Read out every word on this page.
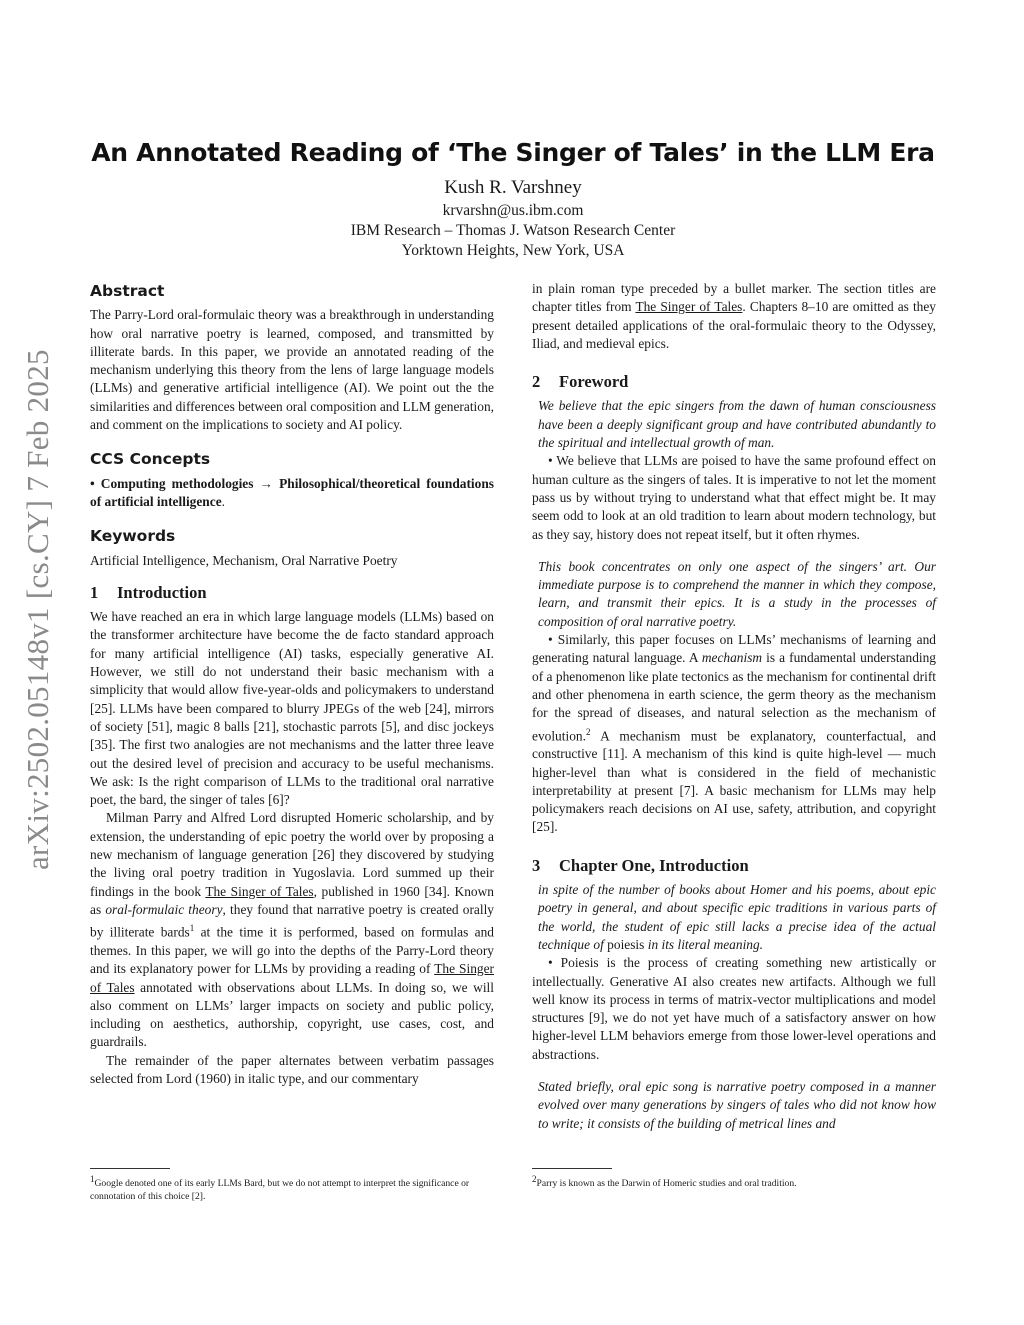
arXiv:2502.05148v1 [cs.CY] 7 Feb 2025
An Annotated Reading of ‘The Singer of Tales’ in the LLM Era
Kush R. Varshney
krvarshn@us.ibm.com
IBM Research – Thomas J. Watson Research Center
Yorktown Heights, New York, USA
Abstract

The Parry-Lord oral-formulaic theory was a breakthrough in understanding how oral narrative poetry is learned, composed, and transmitted by illiterate bards. In this paper, we provide an annotated reading of the mechanism underlying this theory from the lens of large language models (LLMs) and generative artificial intelligence (AI). We point out the the similarities and differences between oral composition and LLM generation, and comment on the implications to society and AI policy.

CCS Concepts

• Computing methodologies → Philosophical/theoretical foundations of artificial intelligence.

Keywords

Artificial Intelligence, Mechanism, Oral Narrative Poetry

1 Introduction

We have reached an era in which large language models (LLMs) based on the transformer architecture have become the de facto standard approach for many artificial intelligence (AI) tasks, especially generative AI. However, we still do not understand their basic mechanism with a simplicity that would allow five-year-olds and policymakers to understand [25]. LLMs have been compared to blurry JPEGs of the web [24], mirrors of society [51], magic 8 balls [21], stochastic parrots [5], and disc jockeys [35]. The first two analogies are not mechanisms and the latter three leave out the desired level of precision and accuracy to be useful mechanisms. We ask: Is the right comparison of LLMs to the traditional oral narrative poet, the bard, the singer of tales [6]?

Milman Parry and Alfred Lord disrupted Homeric scholarship, and by extension, the understanding of epic poetry the world over by proposing a new mechanism of language generation [26] they discovered by studying the living oral poetry tradition in Yugoslavia. Lord summed up their findings in the book The Singer of Tales, published in 1960 [34]. Known as oral-formulaic theory, they found that narrative poetry is created orally by illiterate bards$^1$ at the time it is performed, based on formulas and themes. In this paper, we will go into the depths of the Parry-Lord theory and its explanatory power for LLMs by providing a reading of The Singer of Tales annotated with observations about LLMs. In doing so, we will also comment on LLMs’ larger impacts on society and public policy, including on aesthetics, authorship, copyright, use cases, cost, and guardrails.

The remainder of the paper alternates between verbatim passages selected from Lord (1960) in italic type, and our commentary

$^1$Google denoted one of its early LLMs Bard, but we do not attempt to interpret the significance or connotation of this choice [2].

in plain roman type preceded by a bullet marker. The section titles are chapter titles from The Singer of Tales. Chapters 8–10 are omitted as they present detailed applications of the oral-formulaic theory to the Odyssey, Iliad, and medieval epics.

2 Foreword

We believe that the epic singers from the dawn of human consciousness have been a deeply significant group and have contributed abundantly to the spiritual and intellectual growth of man.

• We believe that LLMs are poised to have the same profound effect on human culture as the singers of tales. It is imperative to not let the moment pass us by without trying to understand what that effect might be. It may seem odd to look at an old tradition to learn about modern technology, but as they say, history does not repeat itself, but it often rhymes.

This book concentrates on only one aspect of the singers’ art. Our immediate purpose is to comprehend the manner in which they compose, learn, and transmit their epics. It is a study in the processes of composition of oral narrative poetry.

• Similarly, this paper focuses on LLMs’ mechanisms of learning and generating natural language. A mechanism is a fundamental understanding of a phenomenon like plate tectonics as the mechanism for continental drift and other phenomena in earth science, the germ theory as the mechanism for the spread of diseases, and natural selection as the mechanism of evolution.$^2$ A mechanism must be explanatory, counterfactual, and constructive [11]. A mechanism of this kind is quite high-level — much higher-level than what is considered in the field of mechanistic interpretability at present [7]. A basic mechanism for LLMs may help policymakers reach decisions on AI use, safety, attribution, and copyright [25].

3 Chapter One, Introduction

in spite of the number of books about Homer and his poems, about epic poetry in general, and about specific epic traditions in various parts of the world, the student of epic still lacks a precise idea of the actual technique of poiesis in its literal meaning.

• Poiesis is the process of creating something new artistically or intellectually. Generative AI also creates new artifacts. Although we full well know its process in terms of matrix-vector multiplications and model structures [9], we do not yet have much of a satisfactory answer on how higher-level LLM behaviors emerge from those lower-level operations and abstractions.

Stated briefly, oral epic song is narrative poetry composed in a manner evolved over many generations by singers of tales who did not know how to write; it consists of the building of metrical lines and

$^2$Parry is known as the Darwin of Homeric studies and oral tradition.
